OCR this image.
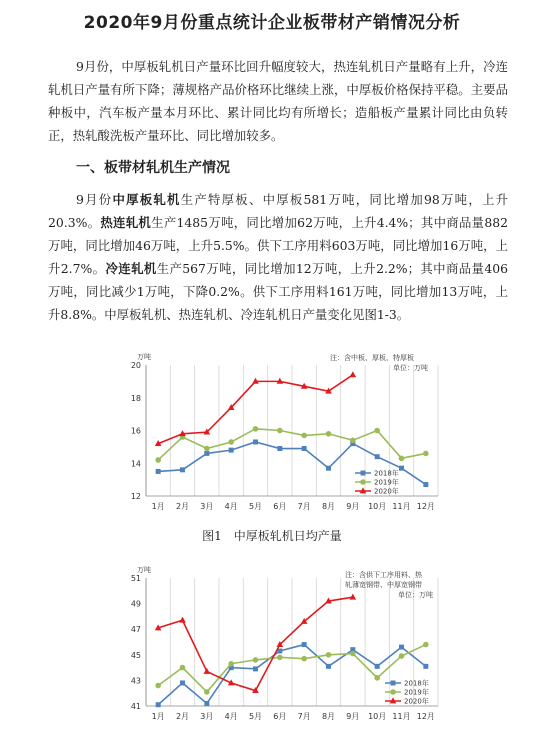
2020年9月份重点统计企业板带材产销情况分析
9月份，中厚板轧机日产量环比回升幅度较大，热连轧机日产量略有上升，冷连轧机日产量有所下降；薄规格产品价格环比继续上涨，中厚板价格保持平稳。主要品种板中，汽车板产量本月环比、累计同比均有所增长；造船板产量累计同比由负转正，热轧酸洗板产量环比、同比增加较多。
一、板带材轧机生产情况
9月份中厚板轧机生产特厚板、中厚板581万吨，同比增加98万吨，上升20.3%。热连轧机生产1485万吨，同比增加62万吨，上升4.4%；其中商品量882万吨，同比增加46万吨，上升5.5%。供下工序用料603万吨，同比增加16万吨，上升2.7%。冷连轧机生产567万吨，同比增加12万吨，上升2.2%；其中商品量406万吨，同比减少1万吨，下降0.2%。供下工序用料161万吨，同比增加13万吨，上升8.8%。中厚板轧机、热连轧机、冷连轧机日产量变化见图1-3。
万吨
12
14
16
18
20
1月 2月 3月 4月 5月 6月 7月 8月 9月 10月 11月 12月
2018年
2019年
2020年
注：含中板、厚板、特厚板
单位：万吨
图1　中厚板轧机日均产量
万吨
41
43
45
47
49
51
1月 2月 3月 4月 5月 6月 7月 8月 9月 10月 11月 12月
2018年
2019年
2020年
注：含供下工序用料、热
轧薄宽钢带、中厚宽钢带
单位：万吨
